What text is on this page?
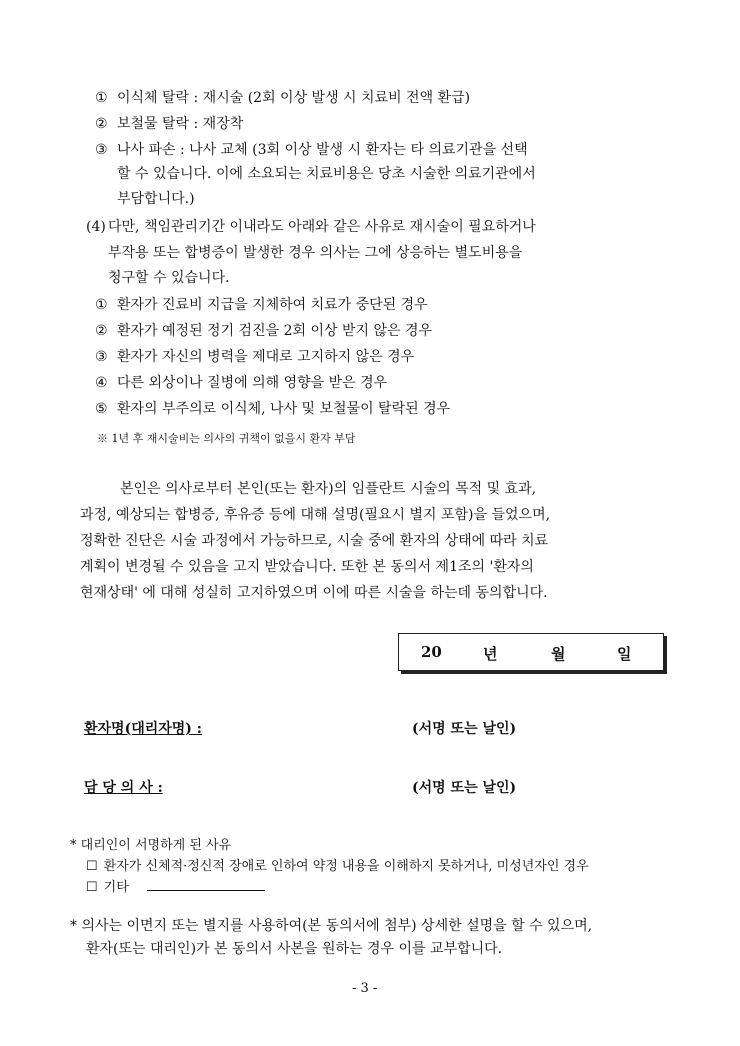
① 이식체 탈락 : 재시술 (2회 이상 발생 시 치료비 전액 환급)
② 보철물 탈락 : 재장착
③ 나사 파손 : 나사 교체 (3회 이상 발생 시 환자는 타 의료기관을 선택
할 수 있습니다. 이에 소요되는 치료비용은 당초 시술한 의료기관에서
부담합니다.)
(4) 다만, 책임관리기간 이내라도 아래와 같은 사유로 재시술이 필요하거나
부작용 또는 합병증이 발생한 경우 의사는 그에 상응하는 별도비용을
청구할 수 있습니다.
① 환자가 진료비 지급을 지체하여 치료가 중단된 경우
② 환자가 예정된 정기 검진을 2회 이상 받지 않은 경우
③ 환자가 자신의 병력을 제대로 고지하지 않은 경우
④ 다른 외상이나 질병에 의해 영향을 받은 경우
⑤ 환자의 부주의로 이식체, 나사 및 보철물이 탈락된 경우
※ 1년 후 재시술비는 의사의 귀책이 없을시 환자 부담
본인은 의사로부터 본인(또는 환자)의 임플란트 시술의 목적 및 효과,
과정, 예상되는 합병증, 후유증 등에 대해 설명(필요시 별지 포함)을 들었으며,
정확한 진단은 시술 과정에서 가능하므로, 시술 중에 환자의 상태에 따라 치료
계획이 변경될 수 있음을 고지 받았습니다. 또한 본 동의서 제1조의 '환자의
현재상태' 에 대해 성실히 고지하였으며 이에 따른 시술을 하는데 동의합니다.
20	년	월	일
환자명(대리자명) :	(서명 또는 날인)
담 당 의 사 :	(서명 또는 날인)
* 대리인이 서명하게 된 사유
☐ 환자가 신체적·정신적 장애로 인하여 약정 내용을 이해하지 못하거나, 미성년자인 경우
☐ 기타
* 의사는 이면지 또는 별지를 사용하여(본 동의서에 첨부) 상세한 설명을 할 수 있으며,
환자(또는 대리인)가 본 동의서 사본을 원하는 경우 이를 교부합니다.
- 3 -
